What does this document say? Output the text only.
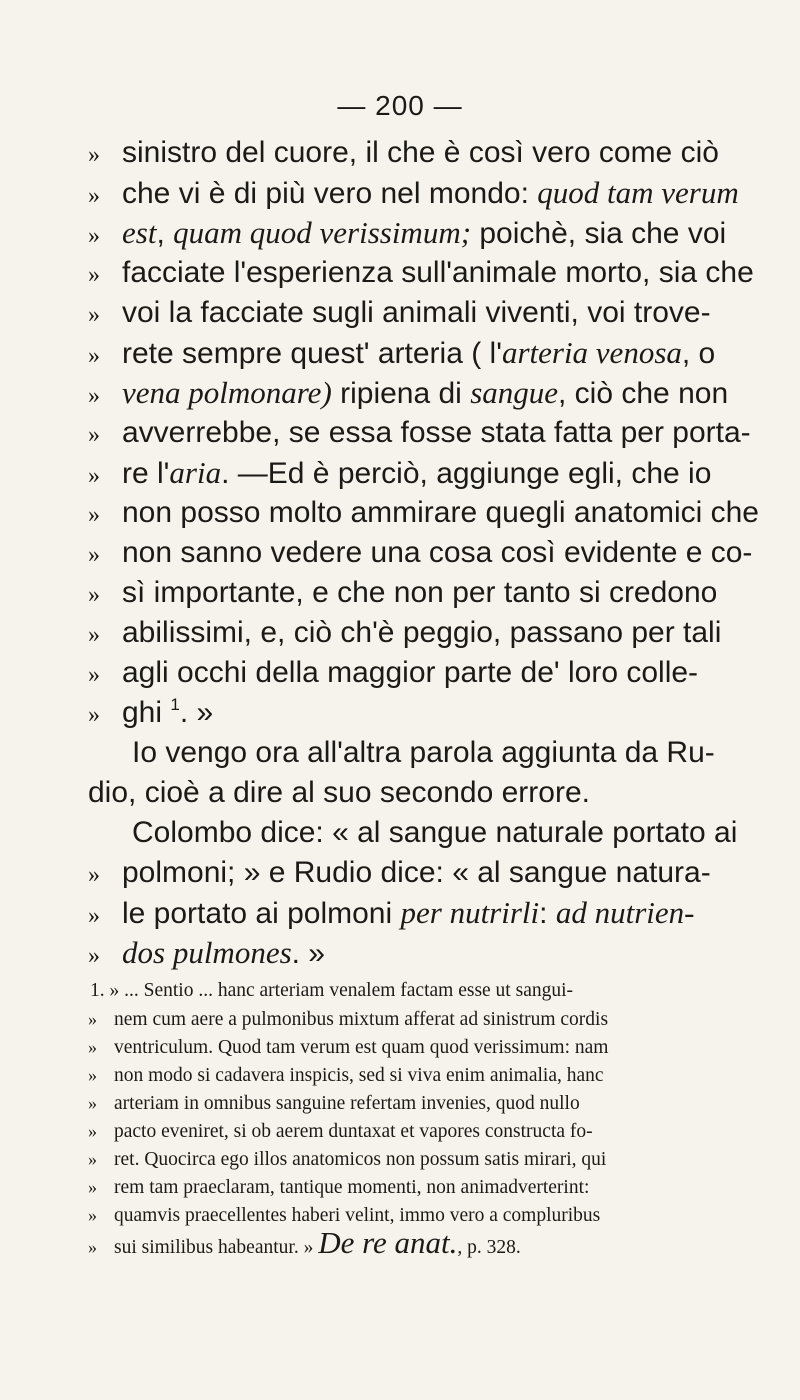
— 200 —
» sinistro del cuore, il che è così vero come ciò
» che vi è di più vero nel mondo: quod tam verum
» est, quam quod verissimum; poichè, sia che voi
» facciate l'esperienza sull'animale morto, sia che
» voi la facciate sugli animali viventi, voi trove-
» rete sempre quest' arteria ( l'arteria venosa, o
» vena polmonare) ripiena di sangue, ciò che non
» avverrebbe, se essa fosse stata fatta per porta-
» re l'aria. —Ed è perciò, aggiunge egli, che io
» non posso molto ammirare quegli anatomici che
» non sanno vedere una cosa così evidente e co-
» sì importante, e che non per tanto si credono
» abilissimi, e, ciò ch'è peggio, passano per tali
» agli occhi della maggior parte de' loro colle-
» ghi $^1$. »
Io vengo ora all'altra parola aggiunta da Ru-
dio, cioè a dire al suo secondo errore.
Colombo dice: « al sangue naturale portato ai
» polmoni; » e Rudio dice: « al sangue natura-
» le portato ai polmoni per nutrirli: ad nutrien-
» dos pulmones. »
1. » ... Sentio ... hanc arteriam venalem factam esse ut sangui-
» nem cum aere a pulmonibus mixtum afferat ad sinistrum cordis
» ventriculum. Quod tam verum est quam quod verissimum: nam
» non modo si cadavera inspicis, sed si viva enim animalia, hanc
» arteriam in omnibus sanguine refertam invenies, quod nullo
» pacto eveniret, si ob aerem duntaxat et vapores constructa fo-
» ret. Quocirca ego illos anatomicos non possum satis mirari, qui
» rem tam praeclaram, tantique momenti, non animadverterint:
» quamvis praecellentes haberi velint, immo vero a compluribus
» sui similibus habeantur. » De re anat., p. 328.
